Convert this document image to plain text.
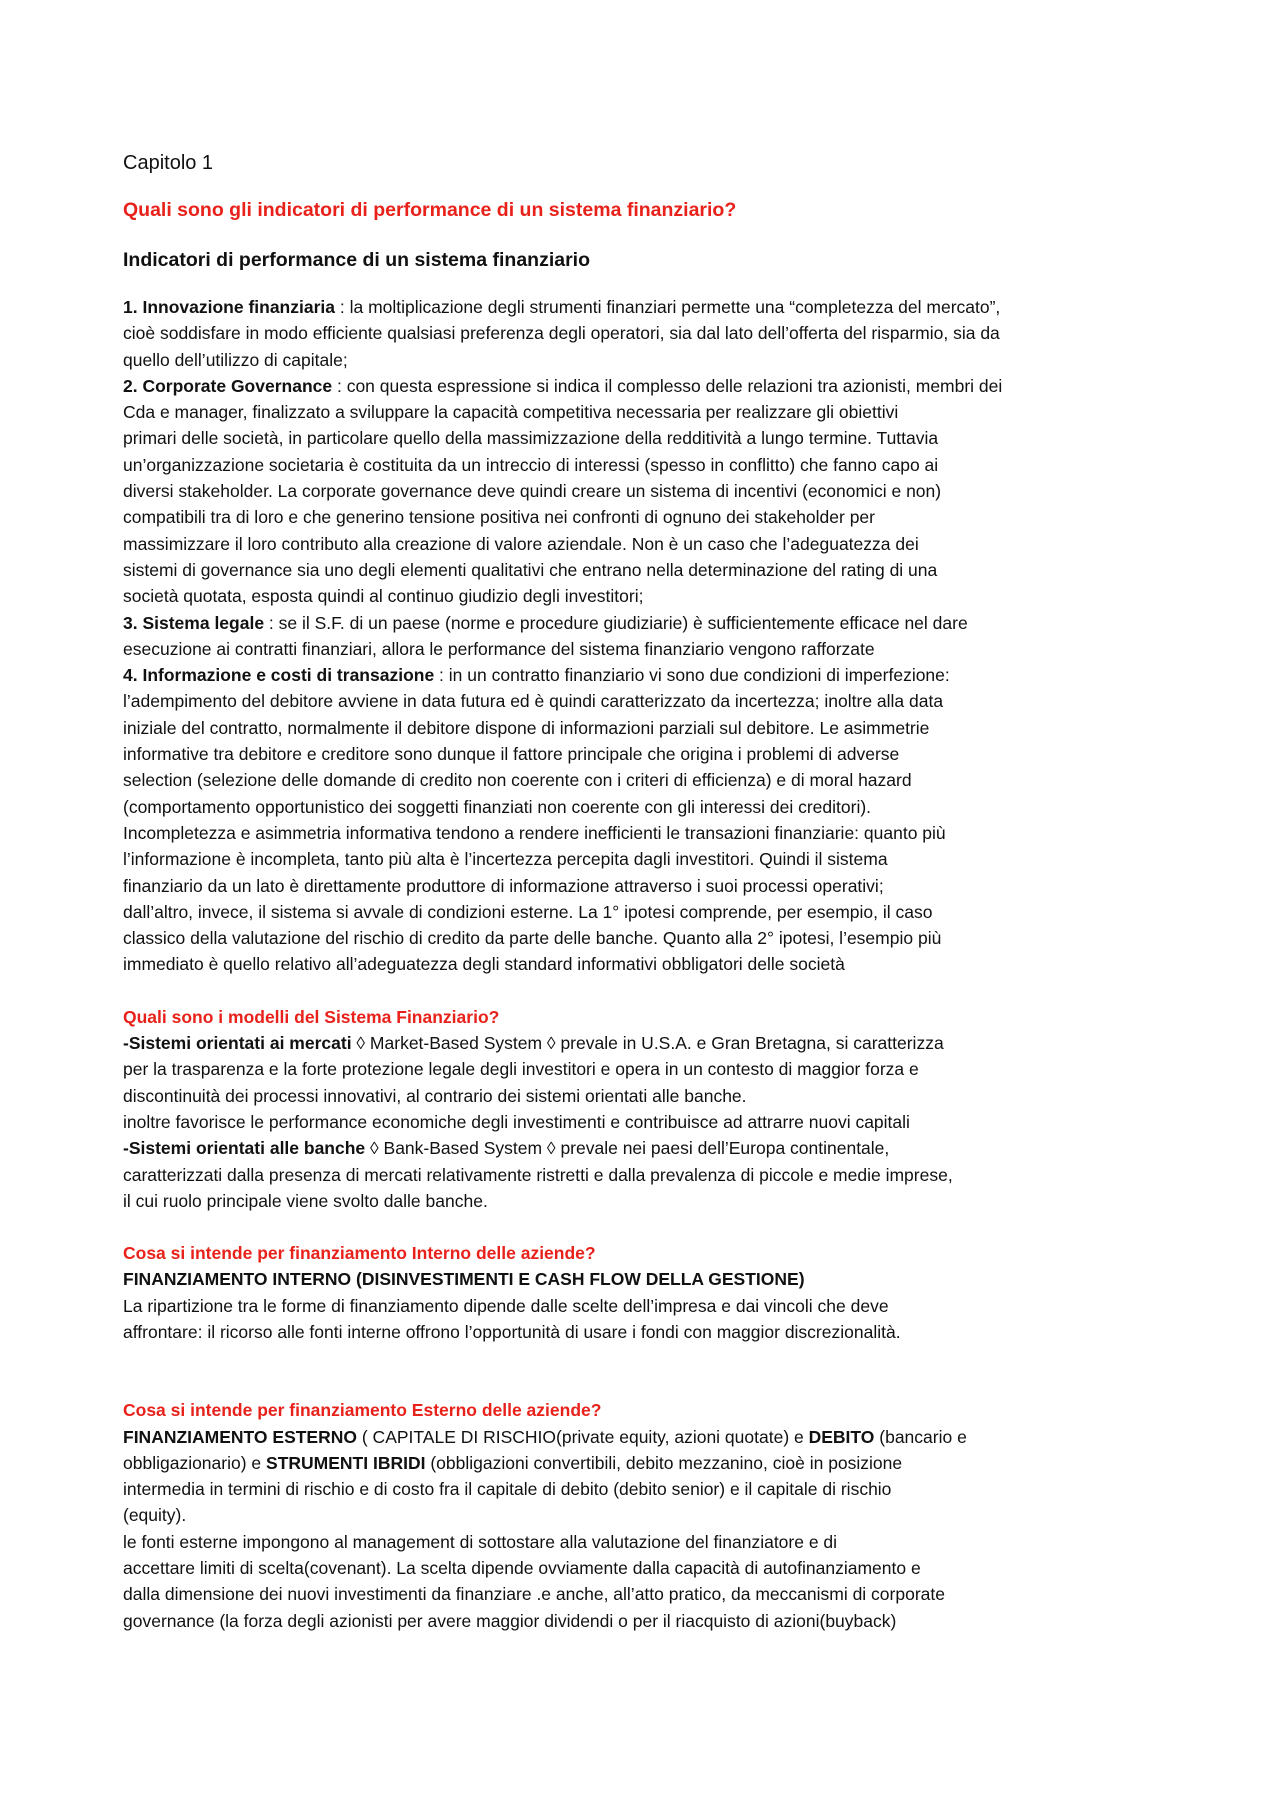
Capitolo 1
Quali sono gli indicatori di performance di un sistema finanziario?
Indicatori di performance di un sistema finanziario
1. Innovazione finanziaria : la moltiplicazione degli strumenti finanziari permette una “completezza del mercato”,
cioè soddisfare in modo efficiente qualsiasi preferenza degli operatori, sia dal lato dell’offerta del risparmio, sia da
quello dell’utilizzo di capitale;
2. Corporate Governance : con questa espressione si indica il complesso delle relazioni tra azionisti, membri dei
Cda e manager, finalizzato a sviluppare la capacità competitiva necessaria per realizzare gli obiettivi
primari delle società, in particolare quello della massimizzazione della redditività a lungo termine. Tuttavia
un’organizzazione societaria è costituita da un intreccio di interessi (spesso in conflitto) che fanno capo ai
diversi stakeholder. La corporate governance deve quindi creare un sistema di incentivi (economici e non)
compatibili tra di loro e che generino tensione positiva nei confronti di ognuno dei stakeholder per
massimizzare il loro contributo alla creazione di valore aziendale. Non è un caso che l’adeguatezza dei
sistemi di governance sia uno degli elementi qualitativi che entrano nella determinazione del rating di una
società quotata, esposta quindi al continuo giudizio degli investitori;
3. Sistema legale : se il S.F. di un paese (norme e procedure giudiziarie) è sufficientemente efficace nel dare
esecuzione ai contratti finanziari, allora le performance del sistema finanziario vengono rafforzate
4. Informazione e costi di transazione : in un contratto finanziario vi sono due condizioni di imperfezione:
l’adempimento del debitore avviene in data futura ed è quindi caratterizzato da incertezza; inoltre alla data
iniziale del contratto, normalmente il debitore dispone di informazioni parziali sul debitore. Le asimmetrie
informative tra debitore e creditore sono dunque il fattore principale che origina i problemi di adverse
selection (selezione delle domande di credito non coerente con i criteri di efficienza) e di moral hazard
(comportamento opportunistico dei soggetti finanziati non coerente con gli interessi dei creditori).
Incompletezza e asimmetria informativa tendono a rendere inefficienti le transazioni finanziarie: quanto più
l’informazione è incompleta, tanto più alta è l’incertezza percepita dagli investitori. Quindi il sistema
finanziario da un lato è direttamente produttore di informazione attraverso i suoi processi operativi;
dall’altro, invece, il sistema si avvale di condizioni esterne. La 1° ipotesi comprende, per esempio, il caso
classico della valutazione del rischio di credito da parte delle banche. Quanto alla 2° ipotesi, l’esempio più
immediato è quello relativo all’adeguatezza degli standard informativi obbligatori delle società
Quali sono i modelli del Sistema Finanziario?
-Sistemi orientati ai mercati ◊ Market-Based System ◊ prevale in U.S.A. e Gran Bretagna, si caratterizza
per la trasparenza e la forte protezione legale degli investitori e opera in un contesto di maggior forza e
discontinuità dei processi innovativi, al contrario dei sistemi orientati alle banche.
inoltre favorisce le performance economiche degli investimenti e contribuisce ad attrarre nuovi capitali
-Sistemi orientati alle banche ◊ Bank-Based System ◊ prevale nei paesi dell’Europa continentale,
caratterizzati dalla presenza di mercati relativamente ristretti e dalla prevalenza di piccole e medie imprese,
il cui ruolo principale viene svolto dalle banche.
Cosa si intende per finanziamento Interno delle aziende?
FINANZIAMENTO INTERNO (DISINVESTIMENTI E CASH FLOW DELLA GESTIONE)
La ripartizione tra le forme di finanziamento dipende dalle scelte dell’impresa e dai vincoli che deve
affrontare: il ricorso alle fonti interne offrono l’opportunità di usare i fondi con maggior discrezionalità.
Cosa si intende per finanziamento Esterno delle aziende?
FINANZIAMENTO ESTERNO ( CAPITALE DI RISCHIO(private equity, azioni quotate) e DEBITO (bancario e
obbligazionario) e STRUMENTI IBRIDI (obbligazioni convertibili, debito mezzanino, cioè in posizione
intermedia in termini di rischio e di costo fra il capitale di debito (debito senior) e il capitale di rischio
(equity).
le fonti esterne impongono al management di sottostare alla valutazione del finanziatore e di
accettare limiti di scelta(covenant). La scelta dipende ovviamente dalla capacità di autofinanziamento e
dalla dimensione dei nuovi investimenti da finanziare .e anche, all’atto pratico, da meccanismi di corporate
governance (la forza degli azionisti per avere maggior dividendi o per il riacquisto di azioni(buyback)
